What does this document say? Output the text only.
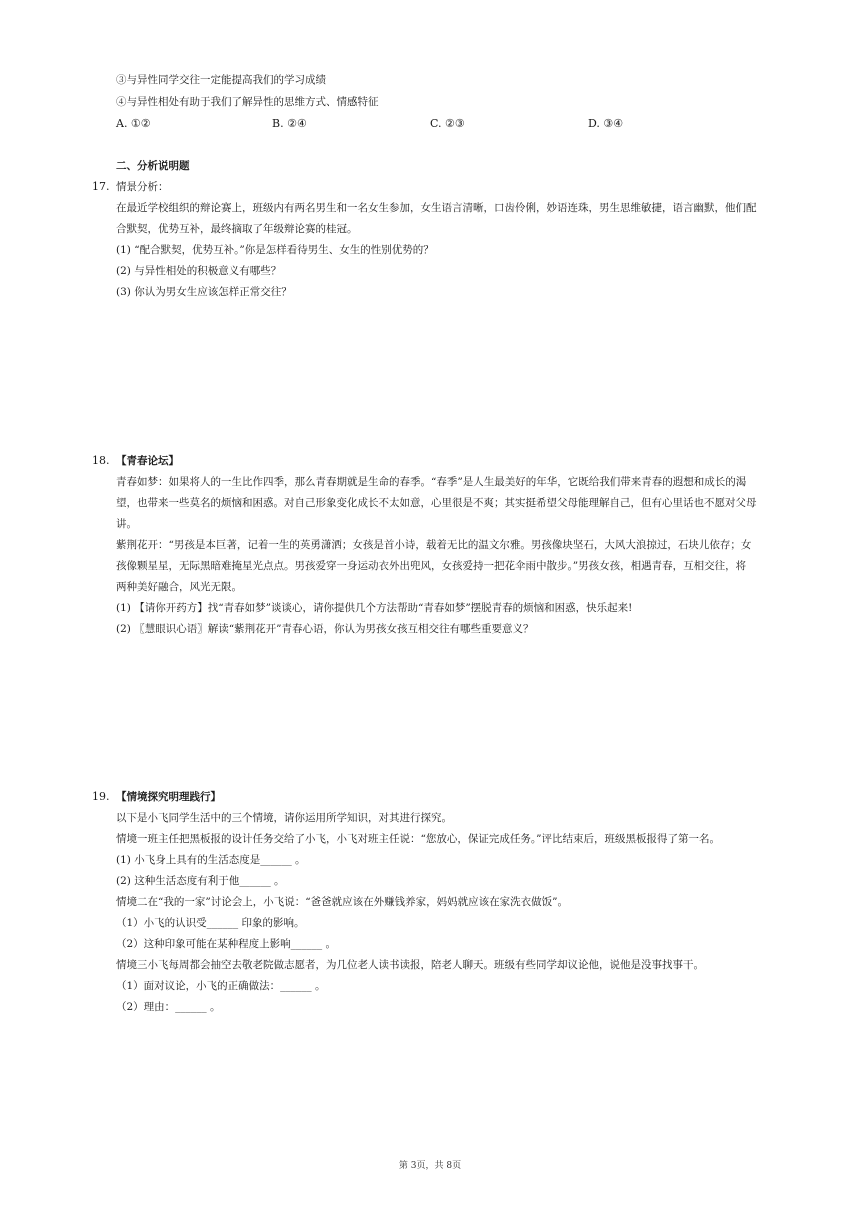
③与异性同学交往一定能提高我们的学习成绩
④与异性相处有助于我们了解异性的思维方式、情感特征
A. ①②	B. ②④	C. ②③	D. ③④
二、分析说明题
17. 情景分析：
在最近学校组织的辩论赛上，班级内有两名男生和一名女生参加，女生语言清晰，口齿伶俐，妙语连珠，男生思维敏捷，语言幽默，他们配
合默契，优势互补，最终摘取了年级辩论赛的桂冠。
(1) “配合默契，优势互补。”你是怎样看待男生、女生的性别优势的？
(2) 与异性相处的积极意义有哪些？
(3) 你认为男女生应该怎样正常交往？
18. 【青春论坛】
青春如梦：如果将人的一生比作四季，那么青春期就是生命的春季。“春季”是人生最美好的年华，它既给我们带来青春的遐想和成长的渴
望，也带来一些莫名的烦恼和困惑。对自己形象变化成长不太如意，心里很是不爽；其实挺希望父母能理解自己，但有心里话也不愿对父母
讲。
紫荆花开：“男孩是本巨著，记着一生的英勇潇洒；女孩是首小诗，载着无比的温文尔雅。男孩像块坚石，大风大浪掠过，石块儿依存；女
孩像颗星星，无际黑暗难掩星光点点。男孩爱穿一身运动衣外出兜风，女孩爱持一把花伞雨中散步。”男孩女孩，相遇青春，互相交往，将
两种美好融合，风光无限。
(1) 【请你开药方】找“青春如梦”谈谈心，请你提供几个方法帮助“青春如梦”摆脱青春的烦恼和困惑，快乐起来!
(2) 〖慧眼识心语〗解读“紫荆花开”青春心语，你认为男孩女孩互相交往有哪些重要意义？
19. 【情境探究明理践行】
以下是小飞同学生活中的三个情境，请你运用所学知识，对其进行探究。
情境一班主任把黑板报的设计任务交给了小飞，小飞对班主任说：“您放心，保证完成任务。”评比结束后，班级黑板报得了第一名。
(1) 小飞身上具有的生活态度是______ 。
(2) 这种生活态度有利于他______ 。
情境二在“我的一家”讨论会上，小飞说：“爸爸就应该在外赚钱养家，妈妈就应该在家洗衣做饭”。
（1）小飞的认识受______ 印象的影响。
（2）这种印象可能在某种程度上影响______ 。
情境三小飞每周都会抽空去敬老院做志愿者，为几位老人读书读报，陪老人聊天。班级有些同学却议论他，说他是没事找事干。
（1）面对议论，小飞的正确做法：______ 。
（2）理由：______ 。
第 3页，共 8页
